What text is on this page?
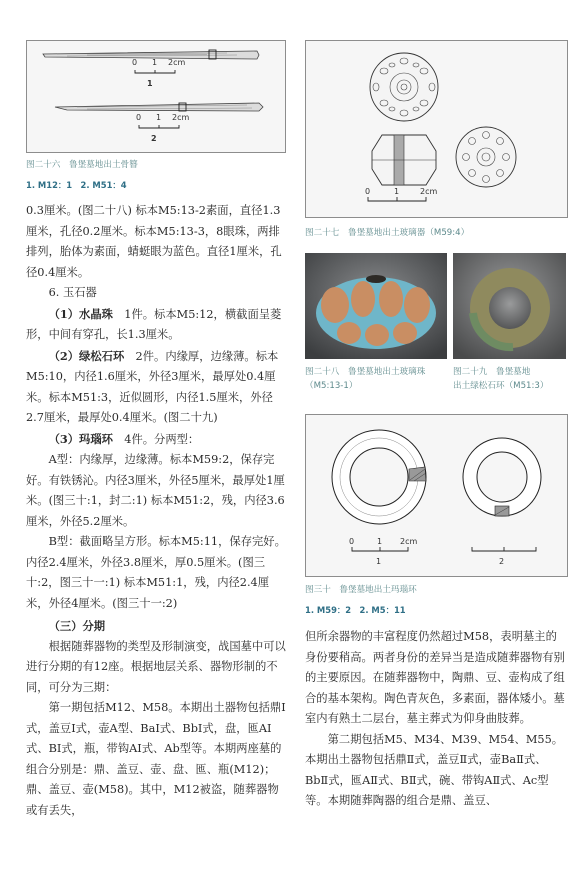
0 1 2cm
1
0 1 2cm
2
图二十六　鲁堡墓地出土骨簪
1. M12：1　2. M51：4
0	1	2cm
图二十七　鲁堡墓地出土玻璃器（M59:4）
图二十八　鲁堡墓地出土玻璃珠
（M5:13-1）
图二十九　鲁堡墓地
出土绿松石环（M51:3）
0	1 2cm
1	2
图三十　鲁堡墓地出土玛瑙环
1. M59：2　2. M5：11

0.3厘米。(图二十八) 标本M5:13-2素面，直径1.3厘米，孔径0.2厘米。标本M5:13-3，8眼珠，两排排列，胎体为素面，蜻蜓眼为蓝色。直径1厘米，孔径0.4厘米。

6. 玉石器

（1）水晶珠　1件。标本M5:12，横截面呈菱形，中间有穿孔，长1.3厘米。

（2）绿松石环　2件。内缘厚，边缘薄。标本M5:10，内径1.6厘米，外径3厘米，最厚处0.4厘米。标本M51:3，近似圆形，内径1.5厘米，外径2.7厘米，最厚处0.4厘米。(图二十九)

（3）玛瑙环　4件。分两型：

A型：内缘厚，边缘薄。标本M59:2，保存完好。有铁锈沁。内径3厘米，外径5厘米，最厚处1厘米。(图三十:1，封二:1) 标本M51:2，残，内径3.6厘米，外径5.2厘米。

B型：截面略呈方形。标本M5:11，保存完好。内径2.4厘米，外径3.8厘米，厚0.5厘米。(图三十:2，图三十一:1) 标本M51:1，残，内径2.4厘米，外径4厘米。(图三十一:2)

（三）分期

根据随葬器物的类型及形制演变，战国墓中可以进行分期的有12座。根据地层关系、器物形制的不同，可分为三期：

第一期包括M12、M58。本期出土器物包括鼎Ⅰ式，盖豆Ⅰ式，壶A型、BaⅠ式、BbⅠ式，盘，匜AⅠ式、BⅠ式，瓶，带钩AⅠ式、Ab型等。本期两座墓的组合分别是：鼎、盖豆、壶、盘、匜、瓶(M12)；鼎、盖豆、壶(M58)。其中，M12被盗，随葬器物或有丢失，

但所余器物的丰富程度仍然超过M58，表明墓主的身份要稍高。两者身份的差异当是造成随葬器物有别的主要原因。在随葬器物中，陶鼎、豆、壶构成了组合的基本架构。陶色青灰色，多素面，器体矮小。墓室内有熟土二层台，墓主葬式为仰身曲肢葬。

第二期包括M5、M34、M39、M54、M55。本期出土器物包括鼎Ⅱ式，盖豆Ⅱ式，壶BaⅡ式、BbⅡ式，匜AⅡ式、BⅡ式，碗、带钩AⅡ式、Ac型等。本期随葬陶器的组合是鼎、盖豆、
